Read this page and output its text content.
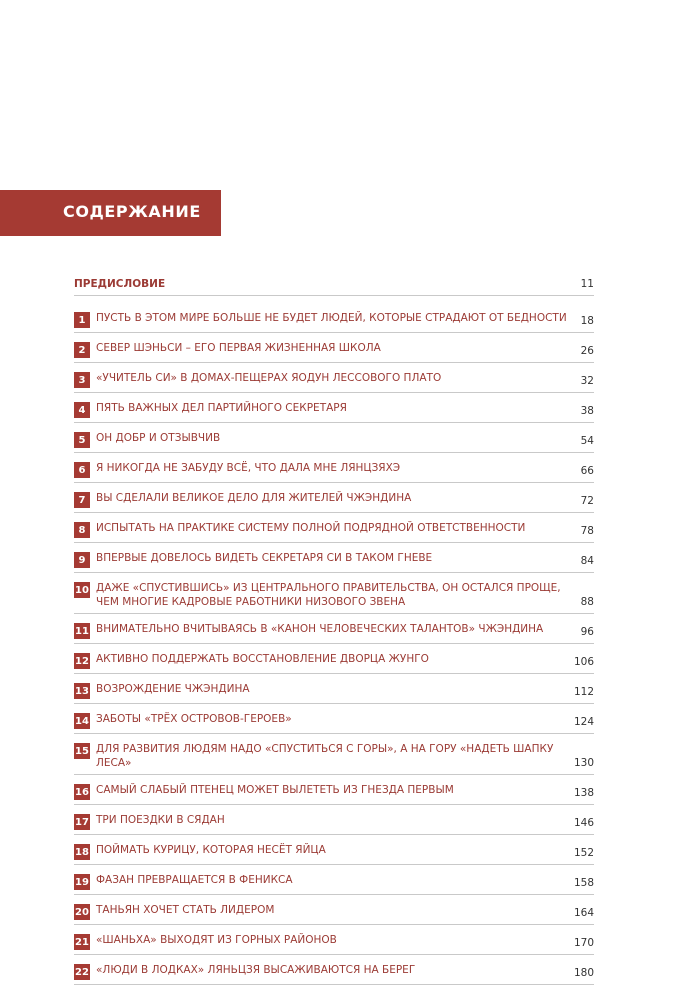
СОДЕРЖАНИЕ
ПРЕДИСЛОВИЕ	11
1	ПУСТЬ В ЭТОМ МИРЕ БОЛЬШЕ НЕ БУДЕТ ЛЮДЕЙ, КОТОРЫЕ СТРАДАЮТ ОТ БЕДНОСТИ	18
2	СЕВЕР ШЭНЬСИ – ЕГО ПЕРВАЯ ЖИЗНЕННАЯ ШКОЛА	26
3	«УЧИТЕЛЬ СИ» В ДОМАХ-ПЕЩЕРАХ ЯОДУН ЛЕССОВОГО ПЛАТО	32
4	ПЯТЬ ВАЖНЫХ ДЕЛ ПАРТИЙНОГО СЕКРЕТАРЯ	38
5	ОН ДОБР И ОТЗЫВЧИВ	54
6	Я НИКОГДА НЕ ЗАБУДУ ВСЁ, ЧТО ДАЛА МНЕ ЛЯНЦЗЯХЭ	66
7	ВЫ СДЕЛАЛИ ВЕЛИКОЕ ДЕЛО ДЛЯ ЖИТЕЛЕЙ ЧЖЭНДИНА	72
8	ИСПЫТАТЬ НА ПРАКТИКЕ СИСТЕМУ ПОЛНОЙ ПОДРЯДНОЙ ОТВЕТСТВЕННОСТИ	78
9	ВПЕРВЫЕ ДОВЕЛОСЬ ВИДЕТЬ СЕКРЕТАРЯ СИ В ТАКОМ ГНЕВЕ	84
10 ДАЖЕ «СПУСТИВШИСЬ» ИЗ ЦЕНТРАЛЬНОГО ПРАВИТЕЛЬСТВА, ОН ОСТАЛСЯ ПРОЩЕ, ЧЕМ МНОГИЕ КАДРОВЫЕ РАБОТНИКИ НИЗОВОГО ЗВЕНА	88
11 ВНИМАТЕЛЬНО ВЧИТЫВАЯСЬ В «КАНОН ЧЕЛОВЕЧЕСКИХ ТАЛАНТОВ» ЧЖЭНДИНА	96
12 АКТИВНО ПОДДЕРЖАТЬ ВОССТАНОВЛЕНИЕ ДВОРЦА ЖУНГО	106
13 ВОЗРОЖДЕНИЕ ЧЖЭНДИНА	112
14 ЗАБОТЫ «ТРЁХ ОСТРОВОВ-ГЕРОЕВ»	124
15 ДЛЯ РАЗВИТИЯ ЛЮДЯМ НАДО «СПУСТИТЬСЯ С ГОРЫ», А НА ГОРУ «НАДЕТЬ ШАПКУ ЛЕСА»	130
16 САМЫЙ СЛАБЫЙ ПТЕНЕЦ МОЖЕТ ВЫЛЕТЕТЬ ИЗ ГНЕЗДА ПЕРВЫМ	138
17 ТРИ ПОЕЗДКИ В СЯДАН	146
18 ПОЙМАТЬ КУРИЦУ, КОТОРАЯ НЕСЁТ ЯЙЦА	152
19 ФАЗАН ПРЕВРАЩАЕТСЯ В ФЕНИКСА	158
20 ТАНЬЯН ХОЧЕТ СТАТЬ ЛИДЕРОМ	164
21 «ШАНЬХА» ВЫХОДЯТ ИЗ ГОРНЫХ РАЙОНОВ	170
22 «ЛЮДИ В ЛОДКАХ» ЛЯНЬЦЗЯ ВЫСАЖИВАЮТСЯ НА БЕРЕГ	180
